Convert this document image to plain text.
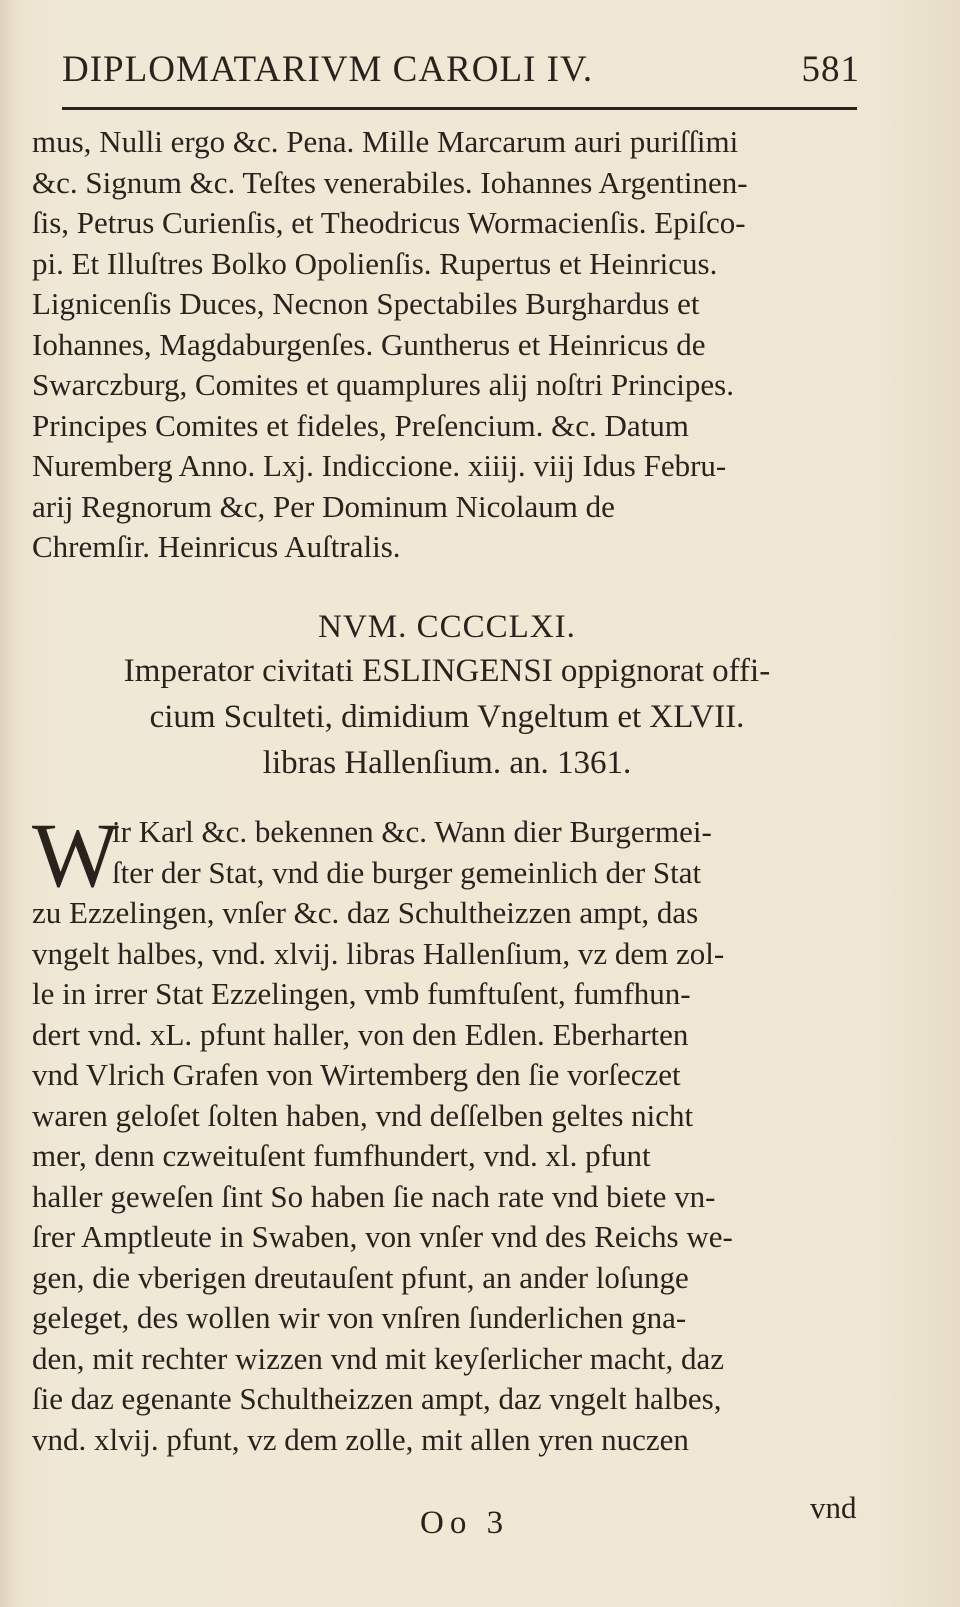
DIPLOMATARIVM CAROLI IV.	581
mus, Nulli ergo &c. Pena. Mille Marcarum auri puriſſimi
&c. Signum &c. Teſtes venerabiles. Iohannes Argentinen-
ſis, Petrus Curienſis, et Theodricus Wormacienſis. Epiſco-
pi. Et Illuſtres Bolko Opolienſis. Rupertus et Heinricus.
Lignicenſis Duces, Necnon Spectabiles Burghardus et
Iohannes, Magdaburgenſes. Guntherus et Heinricus de
Swarczburg, Comites et quamplures alij noſtri Principes.
Principes Comites et fideles, Preſencium. &c. Datum
Nuremberg Anno. Lxj. Indiccione. xiiij. viij Idus Febru-
arij Regnorum &c, Per Dominum Nicolaum de
Chremſir. Heinricus Auſtralis.
NVM. CCCCLXI.
Imperator civitati ESLINGENSI oppignorat offi-
cium Sculteti, dimidium Vngeltum et XLVII.
libras Hallenſium. an. 1361.
W
ir Karl &c. bekennen &c. Wann dier Burgermei-
ſter der Stat, vnd die burger gemeinlich der Stat
zu Ezzelingen, vnſer &c. daz Schultheizzen ampt, das
vngelt halbes, vnd. xlvij. libras Hallenſium, vz dem zol-
le in irrer Stat Ezzelingen, vmb fumftuſent, fumfhun-
dert vnd. xL. pfunt haller, von den Edlen. Eberharten
vnd Vlrich Grafen von Wirtemberg den ſie vorſeczet
waren geloſet ſolten haben, vnd deſſelben geltes nicht
mer, denn czweituſent fumfhundert, vnd. xl. pfunt
haller geweſen ſint So haben ſie nach rate vnd biete vn-
ſrer Amptleute in Swaben, von vnſer vnd des Reichs we-
gen, die vberigen dreutauſent pfunt, an ander loſunge
geleget, des wollen wir von vnſren ſunderlichen gna-
den, mit rechter wizzen vnd mit keyſerlicher macht, daz
ſie daz egenante Schultheizzen ampt, daz vngelt halbes,
vnd. xlvij. pfunt, vz dem zolle, mit allen yren nuczen
Oo 3	vnd
